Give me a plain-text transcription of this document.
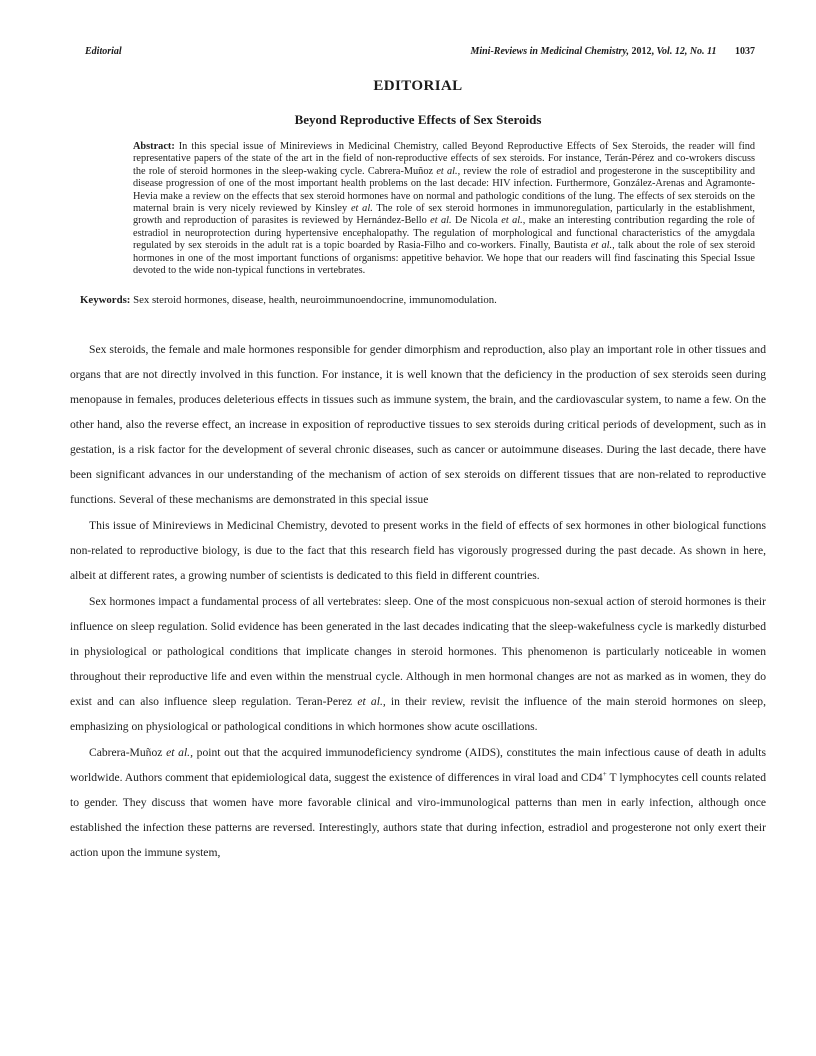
Editorial	Mini-Reviews in Medicinal Chemistry, 2012, Vol. 12, No. 11 1037
EDITORIAL
Beyond Reproductive Effects of Sex Steroids

Abstract: In this special issue of Minireviews in Medicinal Chemistry, called Beyond Reproductive Effects of Sex Steroids, the reader will find representative papers of the state of the art in the field of non-reproductive effects of sex steroids. For instance, Terán-Pérez and co-wrokers discuss the role of steroid hormones in the sleep-waking cycle. Cabrera-Muñoz et al., review the role of estradiol and progesterone in the susceptibility and disease progression of one of the most important health problems on the last decade: HIV infection. Furthermore, González-Arenas and Agramonte-Hevia make a review on the effects that sex steroid hormones have on normal and pathologic conditions of the lung. The effects of sex steroids on the maternal brain is very nicely reviewed by Kinsley et al. The role of sex steroid hormones in immunoregulation, particularly in the establishment, growth and reproduction of parasites is reviewed by Hernández-Bello et al. De Nicola et al., make an interesting contribution regarding the role of estradiol in neuroprotection during hypertensive encephalopathy. The regulation of morphological and functional characteristics of the amygdala regulated by sex steroids in the adult rat is a topic boarded by Rasia-Filho and co-workers. Finally, Bautista et al., talk about the role of sex steroid hormones in one of the most important functions of organisms: appetitive behavior. We hope that our readers will find fascinating this Special Issue devoted to the wide non-typical functions in vertebrates.

Keywords: Sex steroid hormones, disease, health, neuroimmunoendocrine, immunomodulation.

Sex steroids, the female and male hormones responsible for gender dimorphism and reproduction, also play an important role in other tissues and organs that are not directly involved in this function. For instance, it is well known that the deficiency in the production of sex steroids seen during menopause in females, produces deleterious effects in tissues such as immune system, the brain, and the cardiovascular system, to name a few. On the other hand, also the reverse effect, an increase in exposition of reproductive tissues to sex steroids during critical periods of development, such as in gestation, is a risk factor for the development of several chronic diseases, such as cancer or autoimmune diseases. During the last decade, there have been significant advances in our understanding of the mechanism of action of sex steroids on different tissues that are non-related to reproductive functions. Several of these mechanisms are demonstrated in this special issue

This issue of Minireviews in Medicinal Chemistry, devoted to present works in the field of effects of sex hormones in other biological functions non-related to reproductive biology, is due to the fact that this research field has vigorously progressed during the past decade. As shown in here, albeit at different rates, a growing number of scientists is dedicated to this field in different countries.

Sex hormones impact a fundamental process of all vertebrates: sleep. One of the most conspicuous non-sexual action of steroid hormones is their influence on sleep regulation. Solid evidence has been generated in the last decades indicating that the sleep-wakefulness cycle is markedly disturbed in physiological or pathological conditions that implicate changes in steroid hormones. This phenomenon is particularly noticeable in women throughout their reproductive life and even within the menstrual cycle. Although in men hormonal changes are not as marked as in women, they do exist and can also influence sleep regulation. Teran-Perez et al., in their review, revisit the influence of the main steroid hormones on sleep, emphasizing on physiological or pathological conditions in which hormones show acute oscillations.

Cabrera-Muñoz et al., point out that the acquired immunodeficiency syndrome (AIDS), constitutes the main infectious cause of death in adults worldwide. Authors comment that epidemiological data, suggest the existence of differences in viral load and CD4+ T lymphocytes cell counts related to gender. They discuss that women have more favorable clinical and viro-immunological patterns than men in early infection, although once established the infection these patterns are reversed. Interestingly, authors state that during infection, estradiol and progesterone not only exert their action upon the immune system,
